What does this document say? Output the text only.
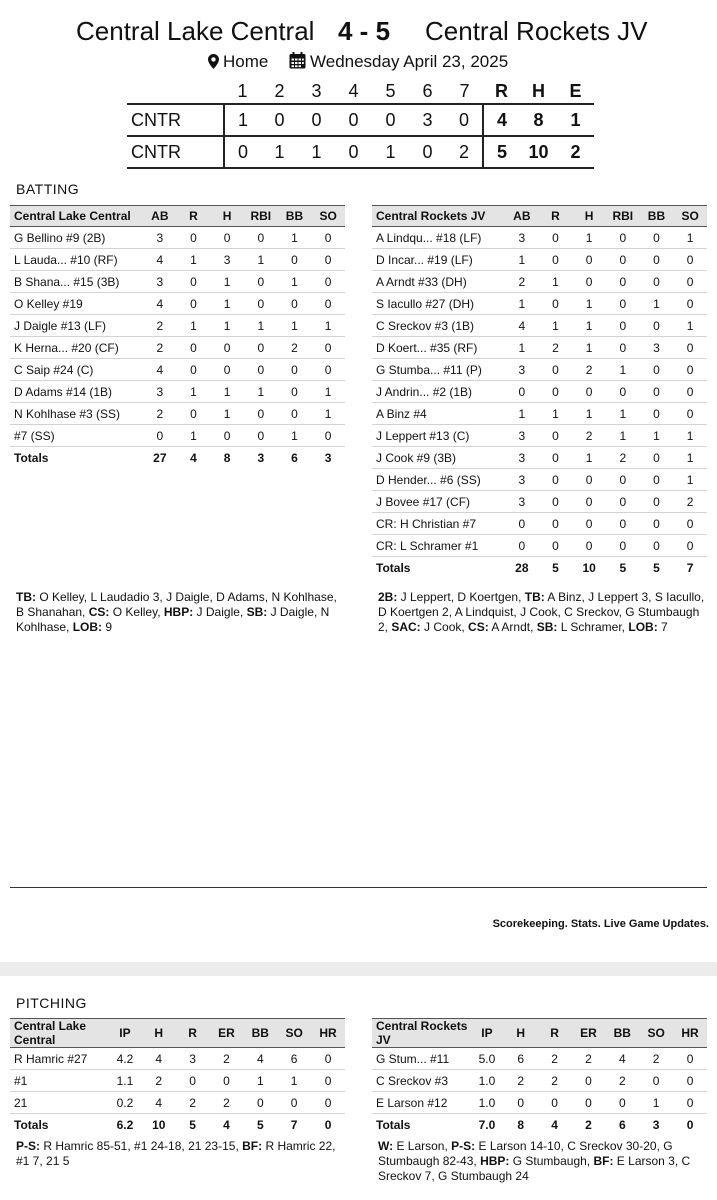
Central Lake Central 4 - 5 Central Rockets JV
Home	Wednesday April 23, 2025
	1	2	3	4	5	6	7	R	H	E
CNTR	1	0	0	0	0	3	0	4	8	1
CNTR	0	1	1	0	1	0	2	5	10	2
BATTING
Central Lake Central	AB	R	H	RBI	BB	SO
G Bellino #9 (2B)	3	0	0	0	1	0
L Lauda... #10 (RF)	4	1	3	1	0	0
B Shana... #15 (3B)	3	0	1	0	1	0
O Kelley #19	4	0	1	0	0	0
J Daigle #13 (LF)	2	1	1	1	1	1
K Herna... #20 (CF)	2	0	0	0	2	0
C Saip #24 (C)	4	0	0	0	0	0
D Adams #14 (1B)	3	1	1	1	0	1
N Kohlhase #3 (SS)	2	0	1	0	0	1
#7 (SS)	0	1	0	0	1	0
Totals	27	4	8	3	6	3
Central Rockets JV	AB	R	H	RBI	BB	SO
A Lindqu... #18 (LF)	3	0	1	0	0	1
D Incar... #19 (LF)	1	0	0	0	0	0
A Arndt #33 (DH)	2	1	0	0	0	0
S Iacullo #27 (DH)	1	0	1	0	1	0
C Sreckov #3 (1B)	4	1	1	0	0	1
D Koert... #35 (RF)	1	2	1	0	3	0
G Stumba... #11 (P)	3	0	2	1	0	0
J Andrin... #2 (1B)	0	0	0	0	0	0
A Binz #4	1	1	1	1	0	0
J Leppert #13 (C)	3	0	2	1	1	1
J Cook #9 (3B)	3	0	1	2	0	1
D Hender... #6 (SS)	3	0	0	0	0	1
J Bovee #17 (CF)	3	0	0	0	0	2
CR: H Christian #7	0	0	0	0	0	0
CR: L Schramer #1	0	0	0	0	0	0
Totals	28	5	10	5	5	7
TB: O Kelley, L Laudadio 3, J Daigle, D Adams, N Kohlhase, B Shanahan, CS: O Kelley, HBP: J Daigle, SB: J Daigle, N Kohlhase, LOB: 9
2B: J Leppert, D Koertgen, TB: A Binz, J Leppert 3, S Iacullo, D Koertgen 2, A Lindquist, J Cook, C Sreckov, G Stumbaugh 2, SAC: J Cook, CS: A Arndt, SB: L Schramer, LOB: 7
Scorekeeping. Stats. Live Game Updates.
PITCHING
Central Lake Central	IP	H	R	ER	BB	SO	HR
R Hamric #27	4.2	4	3	2	4	6	0
#1	1.1	2	0	0	1	1	0
21	0.2	4	2	2	0	0	0
Totals	6.2	10	5	4	5	7	0
Central Rockets JV	IP	H	R	ER	BB	SO	HR
G Stum... #11	5.0	6	2	2	4	2	0
C Sreckov #3	1.0	2	2	0	2	0	0
E Larson #12	1.0	0	0	0	0	1	0
Totals	7.0	8	4	2	6	3	0
P-S: R Hamric 85-51, #1 24-18, 21 23-15, BF: R Hamric 22, #1 7, 21 5
W: E Larson, P-S: E Larson 14-10, C Sreckov 30-20, G Stumbaugh 82-43, HBP: G Stumbaugh, BF: E Larson 3, C Sreckov 7, G Stumbaugh 24
